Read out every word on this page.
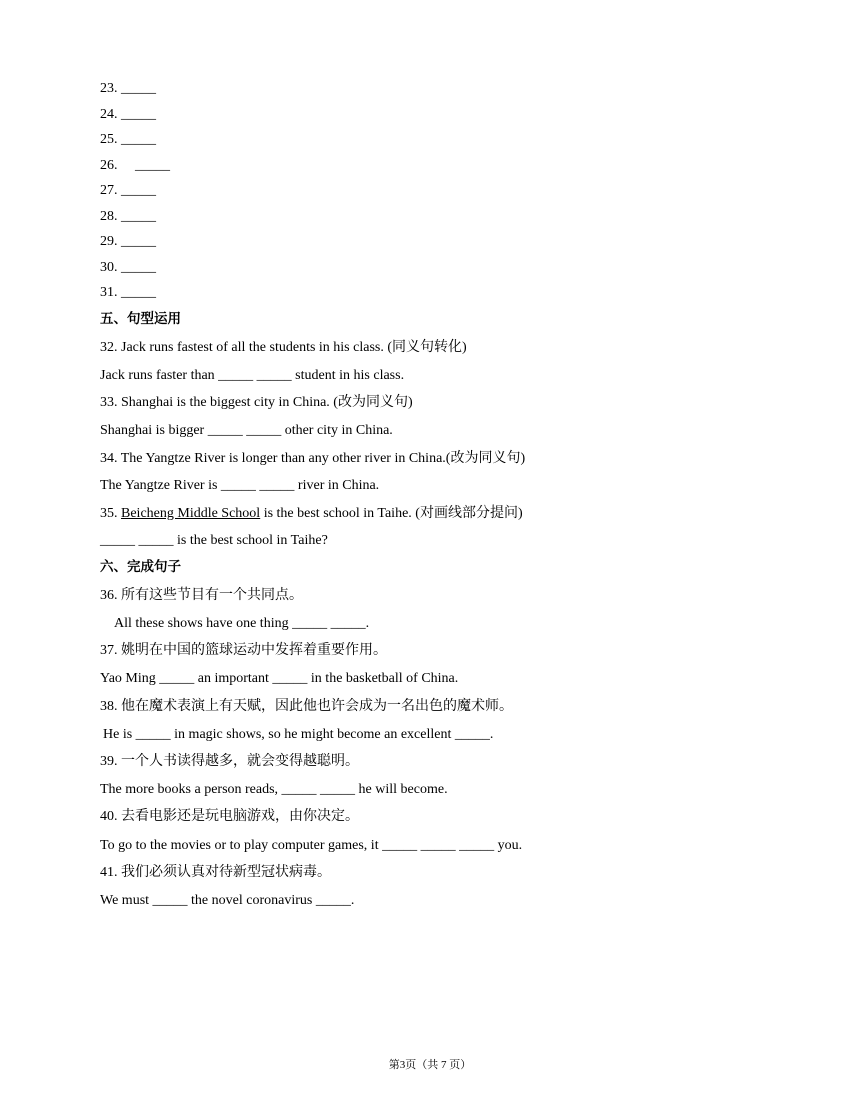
23. _____
24. _____
25. _____
26.     _____
27. _____
28. _____
29. _____
30. _____
31. _____
五、句型运用
32. Jack runs fastest of all the students in his class. (同义句转化)
Jack runs faster than _____ _____ student in his class.
33. Shanghai is the biggest city in China. (改为同义句)
Shanghai is bigger _____ _____ other city in China.
34. The Yangtze River is longer than any other river in China.(改为同义句)
The Yangtze River is _____ _____ river in China.
35. Beicheng Middle School is the best school in Taihe. (对画线部分提问)
_____ _____ is the best school in Taihe?
六、完成句子
36. 所有这些节目有一个共同点。
All these shows have one thing _____ _____.
37. 姚明在中国的篮球运动中发挥着重要作用。
Yao Ming _____ an important _____ in the basketball of China.
38. 他在魔术表演上有天赋，因此他也许会成为一名出色的魔术师。
He is _____ in magic shows, so he might become an excellent _____.
39. 一个人书读得越多，就会变得越聪明。
The more books a person reads, _____ _____ he will become.
40. 去看电影还是玩电脑游戏，由你决定。
To go to the movies or to play computer games, it _____ _____ _____ you.
41. 我们必须认真对待新型冠状病毒。
We must _____ the novel coronavirus _____.
第3页（共 7 页）
